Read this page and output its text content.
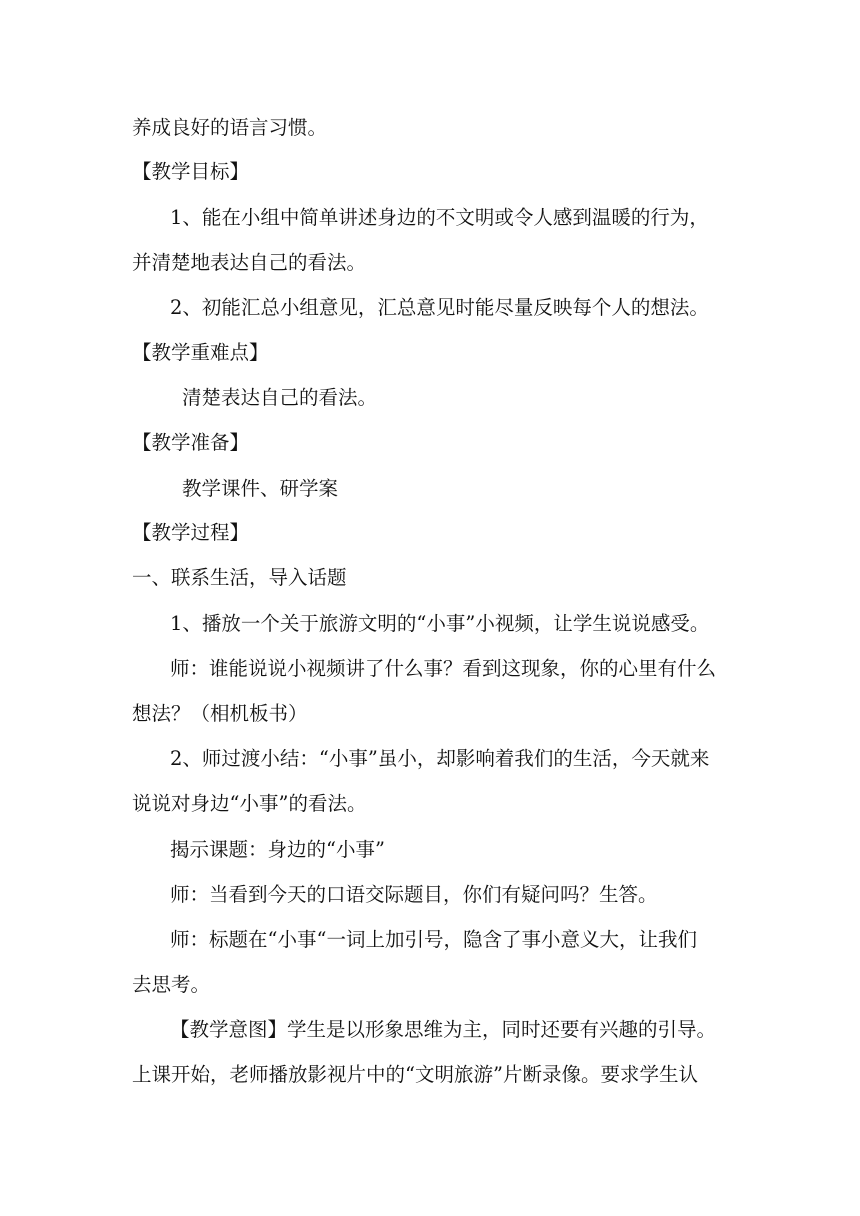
养成良好的语言习惯。
【教学目标】
1、能在小组中简单讲述身边的不文明或令人感到温暖的行为，
并清楚地表达自己的看法。
2、初能汇总小组意见，汇总意见时能尽量反映每个人的想法。
【教学重难点】
清楚表达自己的看法。
【教学准备】
教学课件、研学案
【教学过程】
一、联系生活，导入话题
1、播放一个关于旅游文明的“小事”小视频，让学生说说感受。
师：谁能说说小视频讲了什么事？看到这现象，你的心里有什么
想法？（相机板书）
2、师过渡小结：“小事”虽小，却影响着我们的生活，今天就来
说说对身边“小事”的看法。
揭示课题：身边的“小事”
师：当看到今天的口语交际题目，你们有疑问吗？生答。
师：标题在“小事“一词上加引号，隐含了事小意义大，让我们
去思考。
【教学意图】学生是以形象思维为主，同时还要有兴趣的引导。
上课开始，老师播放影视片中的“文明旅游”片断录像。要求学生认
